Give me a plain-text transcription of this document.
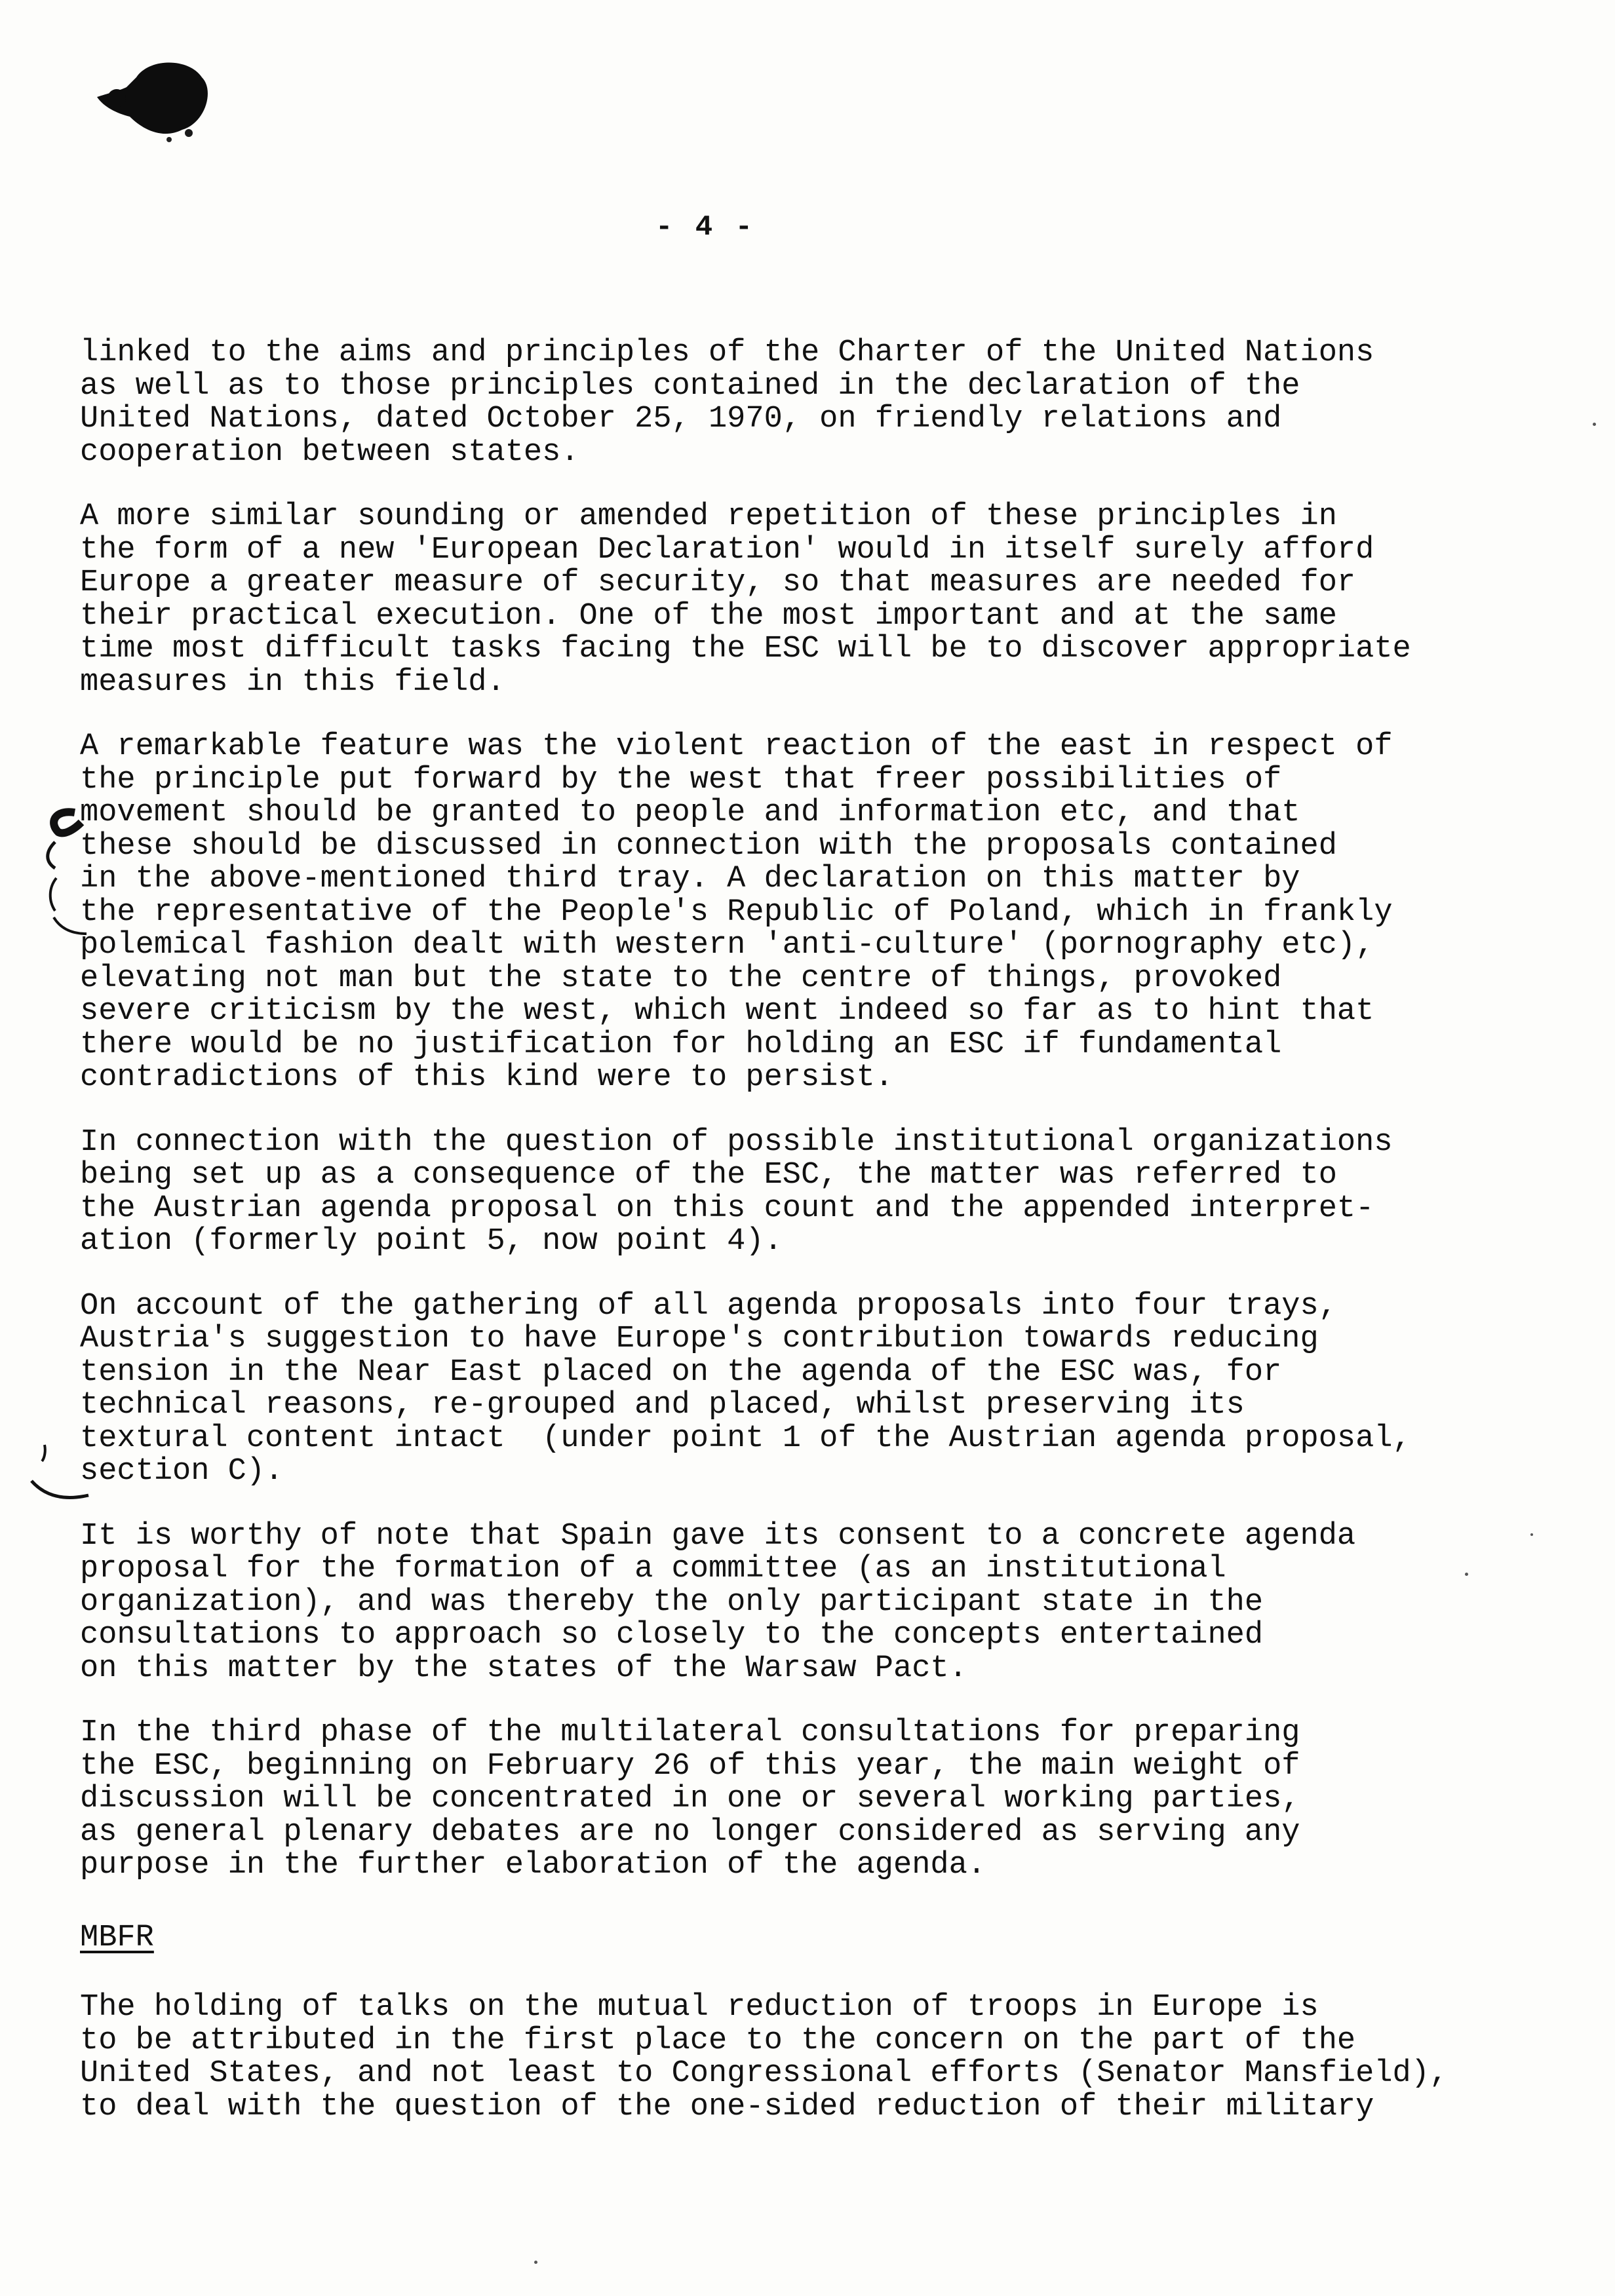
- 4 -
linked to the aims and principles of the Charter of the United Nations
as well as to those principles contained in the declaration of the
United Nations, dated October 25, 1970, on friendly relations and
cooperation between states.
A more similar sounding or amended repetition of these principles in
the form of a new 'European Declaration' would in itself surely afford
Europe a greater measure of security, so that measures are needed for
their practical execution. One of the most important and at the same
time most difficult tasks facing the ESC will be to discover appropriate
measures in this field.
A remarkable feature was the violent reaction of the east in respect of
the principle put forward by the west that freer possibilities of
movement should be granted to people and information etc, and that
these should be discussed in connection with the proposals contained
in the above-mentioned third tray. A declaration on this matter by
the representative of the People's Republic of Poland, which in frankly
polemical fashion dealt with western 'anti-culture' (pornography etc),
elevating not man but the state to the centre of things, provoked
severe criticism by the west, which went indeed so far as to hint that
there would be no justification for holding an ESC if fundamental
contradictions of this kind were to persist.
In connection with the question of possible institutional organizations
being set up as a consequence of the ESC, the matter was referred to
the Austrian agenda proposal on this count and the appended interpret-
ation (formerly point 5, now point 4).
On account of the gathering of all agenda proposals into four trays,
Austria's suggestion to have Europe's contribution towards reducing
tension in the Near East placed on the agenda of the ESC was, for
technical reasons, re-grouped and placed, whilst preserving its
textural content intact  (under point 1 of the Austrian agenda proposal,
section C).
It is worthy of note that Spain gave its consent to a concrete agenda
proposal for the formation of a committee (as an institutional
organization), and was thereby the only participant state in the
consultations to approach so closely to the concepts entertained
on this matter by the states of the Warsaw Pact.
In the third phase of the multilateral consultations for preparing
the ESC, beginning on February 26 of this year, the main weight of
discussion will be concentrated in one or several working parties,
as general plenary debates are no longer considered as serving any
purpose in the further elaboration of the agenda.
MBFR
The holding of talks on the mutual reduction of troops in Europe is
to be attributed in the first place to the concern on the part of the
United States, and not least to Congressional efforts (Senator Mansfield),
to deal with the question of the one-sided reduction of their military
